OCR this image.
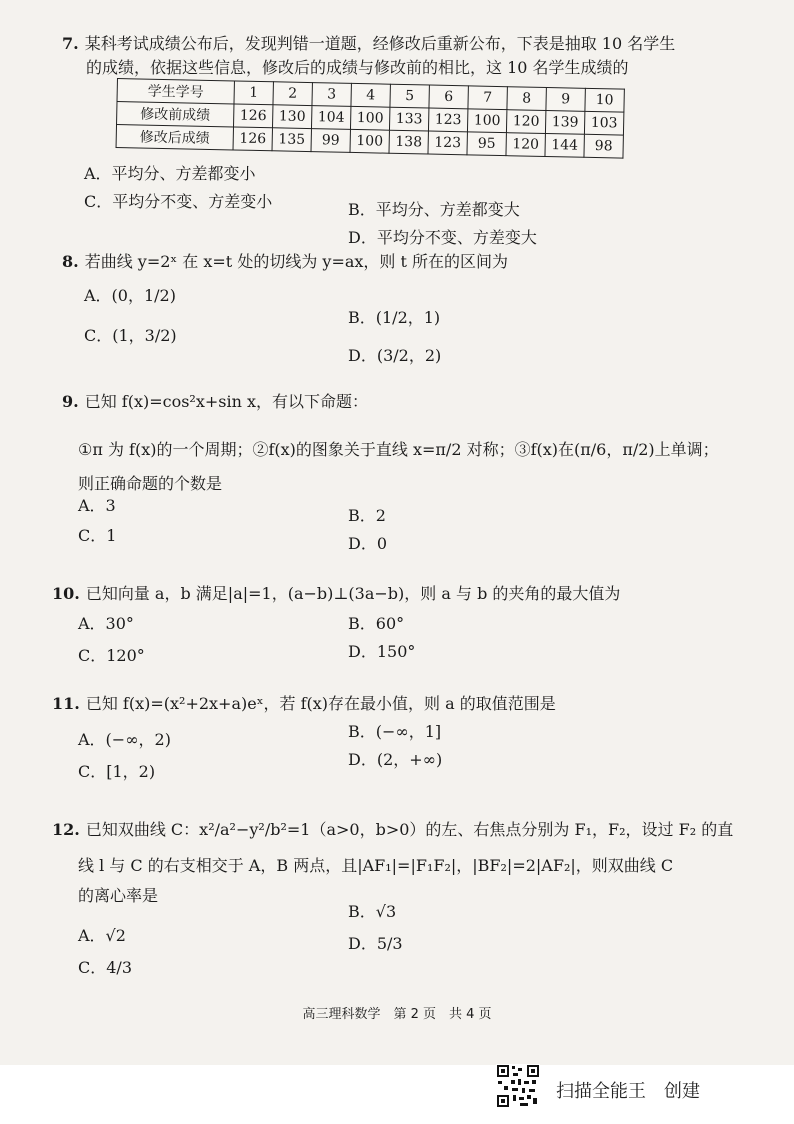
7. 某科考试成绩公布后，发现判错一道题，经修改后重新公布，下表是抽取 10 名学生
的成绩，依据这些信息，修改后的成绩与修改前的相比，这 10 名学生成绩的
学生学号	1	2	3	4	5	6	7	8	9	10
修改前成绩	126	130	104	100	133	123	100	120	139	103
修改后成绩	126	135	99	100	138	123	95	120	144	98
A．平均分、方差都变小
C．平均分不变、方差变小	B．平均分、方差都变大
D．平均分不变、方差变大
8. 若曲线 y=2ˣ 在 x=t 处的切线为 y=ax，则 t 所在的区间为
A．(0，1/2)
B．(1/2，1)
C．(1，3/2)
D．(3/2，2)
9. 已知 f(x)=cos²x+sin x，有以下命题：
①π 为 f(x)的一个周期；②f(x)的图象关于直线 x=π/2 对称；③f(x)在(π/6，π/2)上单调；
则正确命题的个数是
A．3
B．2
C．1	D．0
10. 已知向量 a，b 满足|a|=1，(a−b)⊥(3a−b)，则 a 与 b 的夹角的最大值为
A．30°	B．60°
C．120°	D．150°
11. 已知 f(x)=(x²+2x+a)eˣ，若 f(x)存在最小值，则 a 的取值范围是
B．(−∞，1]
A．(−∞，2)
D．(2，+∞)
C．[1，2)
12. 已知双曲线 C：x²/a²−y²/b²=1（a>0，b>0）的左、右焦点分别为 F₁，F₂，设过 F₂ 的直
线 l 与 C 的右支相交于 A，B 两点，且|AF₁|=|F₁F₂|，|BF₂|=2|AF₂|，则双曲线 C
的离心率是
B．√3
A．√2	D．5/3
C．4/3
高三理科数学　第 2 页　共 4 页
扫描全能王　创建
